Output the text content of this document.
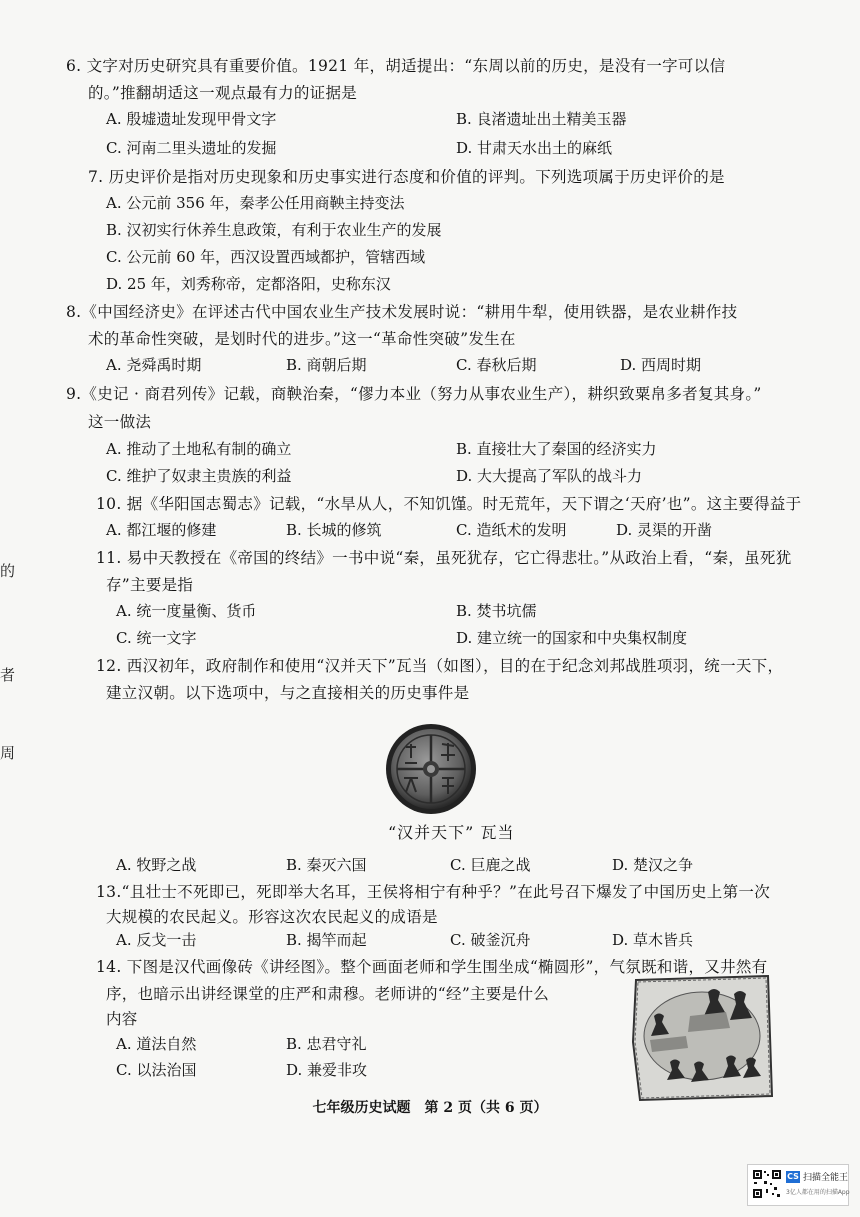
的
者
周
6. 文字对历史研究具有重要价值。1921 年，胡适提出：“东周以前的历史，是没有一字可以信
的。”推翻胡适这一观点最有力的证据是
A. 殷墟遗址发现甲骨文字	B. 良渚遗址出土精美玉器
C. 河南二里头遗址的发掘	D. 甘肃天水出土的麻纸
7. 历史评价是指对历史现象和历史事实进行态度和价值的评判。下列选项属于历史评价的是
A. 公元前 356 年，秦孝公任用商鞅主持变法
B. 汉初实行休养生息政策，有利于农业生产的发展
C. 公元前 60 年，西汉设置西域都护，管辖西域
D. 25 年，刘秀称帝，定都洛阳，史称东汉
8.《中国经济史》在评述古代中国农业生产技术发展时说：“耕用牛犁，使用铁器，是农业耕作技
术的革命性突破，是划时代的进步。”这一“革命性突破”发生在
A. 尧舜禹时期	B. 商朝后期	C. 春秋后期	D. 西周时期
9.《史记 · 商君列传》记载，商鞅治秦，“僇力本业（努力从事农业生产），耕织致粟帛多者复其身。”
这一做法
A. 推动了土地私有制的确立	B. 直接壮大了秦国的经济实力
C. 维护了奴隶主贵族的利益	D. 大大提高了军队的战斗力
10. 据《华阳国志蜀志》记载，“水旱从人，不知饥馑。时无荒年，天下谓之‘天府’也”。这主要得益于
A. 都江堰的修建	B. 长城的修筑	C. 造纸术的发明	D. 灵渠的开凿
11. 易中天教授在《帝国的终结》一书中说“秦，虽死犹存，它亡得悲壮。”从政治上看，“秦，虽死犹
存”主要是指
A. 统一度量衡、货币	B. 焚书坑儒
C. 统一文字	D. 建立统一的国家和中央集权制度
12. 西汉初年，政府制作和使用“汉并天下”瓦当（如图），目的在于纪念刘邦战胜项羽，统一天下，
建立汉朝。以下选项中，与之直接相关的历史事件是
“汉并天下” 瓦当
A. 牧野之战	B. 秦灭六国	C. 巨鹿之战	D. 楚汉之争
13.“且壮士不死即已，死即举大名耳，王侯将相宁有种乎？”在此号召下爆发了中国历史上第一次
大规模的农民起义。形容这次农民起义的成语是
A. 反戈一击	B. 揭竿而起	C. 破釜沉舟	D. 草木皆兵
14. 下图是汉代画像砖《讲经图》。整个画面老师和学生围坐成“椭圆形”，气氛既和谐，又井然有
序，也暗示出讲经课堂的庄严和肃穆。老师讲的“经”主要是什么
内容
A. 道法自然	B. 忠君守礼
C. 以法治国	D. 兼爱非攻
七年级历史试题　第 2 页（共 6 页）
CS 扫描全能王
3亿人都在用的扫描App
